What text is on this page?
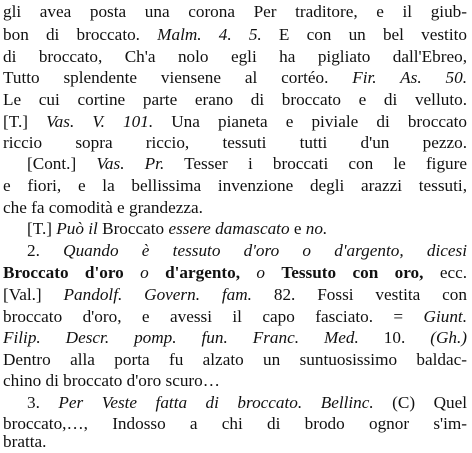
gli avea posta una corona Per traditore, e il giub-
bon di broccato. Malm. 4. 5. E con un bel vestito
di broccato, Ch'a nolo egli ha pigliato dall'Ebreo,
Tutto splendente viensene al cortéo. Fir. As. 50.
Le cui cortine parte erano di broccato e di velluto.
[T.] Vas. V. 101. Una pianeta e piviale di broccato
riccio sopra riccio, tessuti tutti d'un pezzo.
[Cont.] Vas. Pr. Tesser i broccati con le figure
e fiori, e la bellissima invenzione degli arazzi tessuti,
che fa comodità e grandezza.
[T.] Può il Broccato essere damascato e no.
2. Quando è tessuto d'oro o d'argento, dicesi
Broccato d'oro o d'argento, o Tessuto con oro, ecc.
[Val.] Pandolf. Govern. fam. 82. Fossi vestita con
broccato d'oro, e avessi il capo fasciato. = Giunt.
Filip. Descr. pomp. fun. Franc. Med. 10. (Gh.)
Dentro alla porta fu alzato un suntuosissimo baldac-
chino di broccato d'oro scuro…
3. Per Veste fatta di broccato. Bellinc. (C) Quel
broccato,…, Indosso a chi di brodo ognor s'im-
bratta.
